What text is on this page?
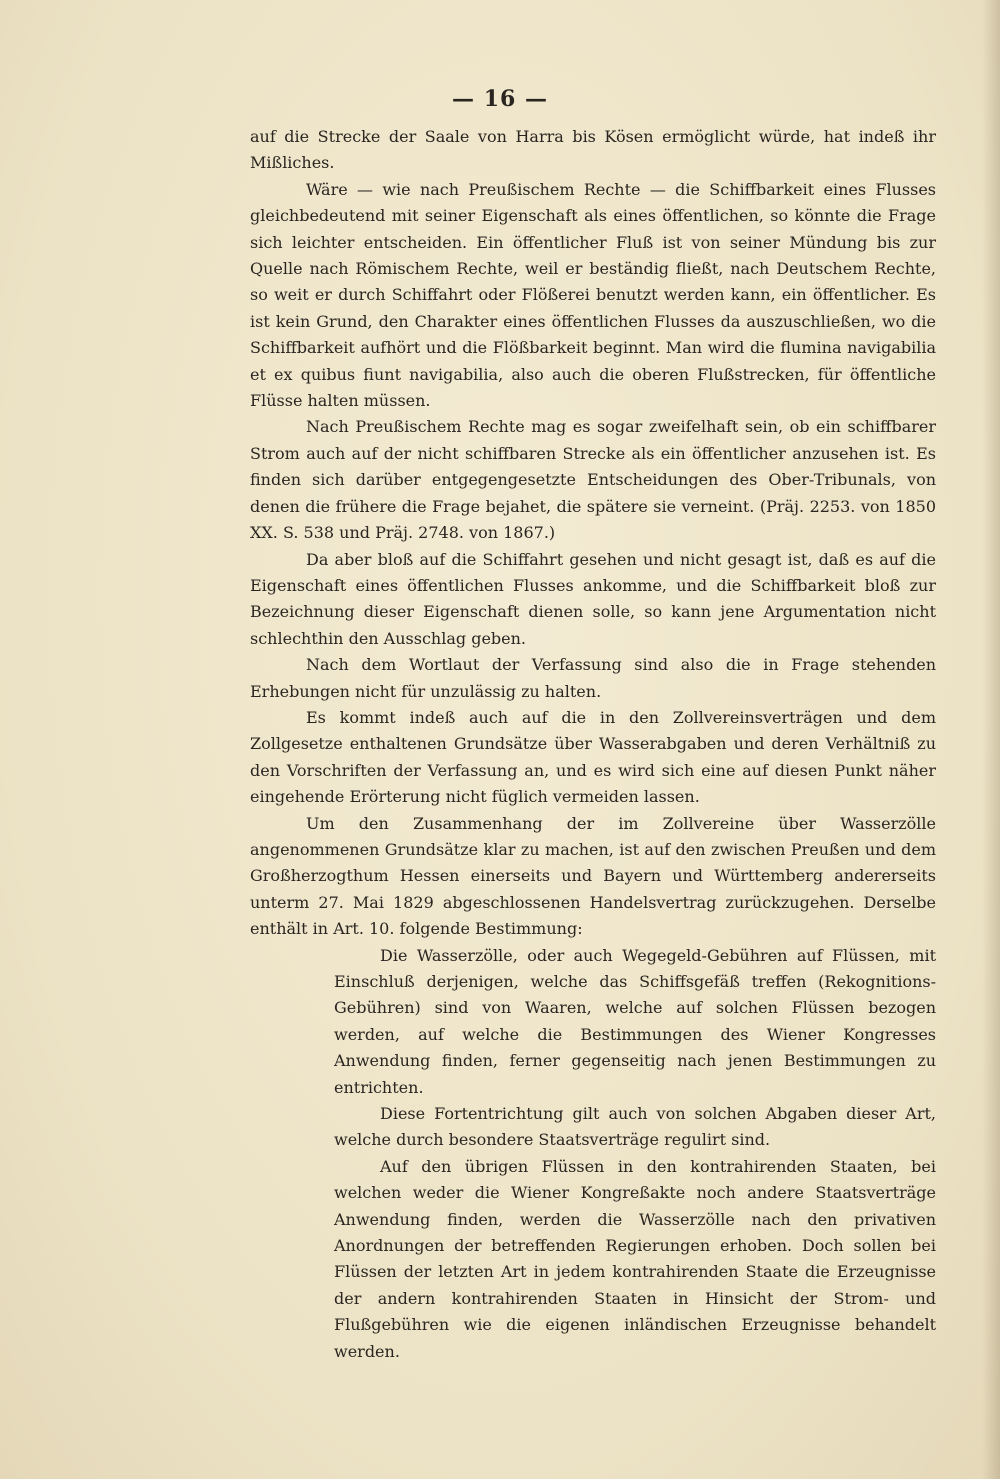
— 16 —

auf die Strecke der Saale von Harra bis Kösen ermöglicht würde, hat indeß ihr Mißliches.

Wäre — wie nach Preußischem Rechte — die Schiffbarkeit eines Flusses gleichbedeutend mit seiner Eigenschaft als eines öffentlichen, so könnte die Frage sich leichter entscheiden. Ein öffentlicher Fluß ist von seiner Mündung bis zur Quelle nach Römischem Rechte, weil er beständig fließt, nach Deutschem Rechte, so weit er durch Schiffahrt oder Flößerei benutzt werden kann, ein öffentlicher. Es ist kein Grund, den Charakter eines öffentlichen Flusses da auszuschließen, wo die Schiffbarkeit aufhört und die Flößbarkeit beginnt. Man wird die flumina navigabilia et ex quibus fiunt navigabilia, also auch die oberen Flußstrecken, für öffentliche Flüsse halten müssen.

Nach Preußischem Rechte mag es sogar zweifelhaft sein, ob ein schiffbarer Strom auch auf der nicht schiffbaren Strecke als ein öffentlicher anzusehen ist. Es finden sich darüber entgegengesetzte Entscheidungen des Ober-Tribunals, von denen die frühere die Frage bejahet, die spätere sie verneint. (Präj. 2253. von 1850 XX. S. 538 und Präj. 2748. von 1867.)

Da aber bloß auf die Schiffahrt gesehen und nicht gesagt ist, daß es auf die Eigenschaft eines öffentlichen Flusses ankomme, und die Schiffbarkeit bloß zur Bezeichnung dieser Eigenschaft dienen solle, so kann jene Argumentation nicht schlechthin den Ausschlag geben.

Nach dem Wortlaut der Verfassung sind also die in Frage stehenden Erhebungen nicht für unzulässig zu halten.

Es kommt indeß auch auf die in den Zollvereinsverträgen und dem Zollgesetze enthaltenen Grundsätze über Wasserabgaben und deren Verhältniß zu den Vorschriften der Verfassung an, und es wird sich eine auf diesen Punkt näher eingehende Erörterung nicht füglich vermeiden lassen.

Um den Zusammenhang der im Zollvereine über Wasserzölle angenommenen Grundsätze klar zu machen, ist auf den zwischen Preußen und dem Großherzogthum Hessen einerseits und Bayern und Württemberg andererseits unterm 27. Mai 1829 abgeschlossenen Handelsvertrag zurückzugehen. Derselbe enthält in Art. 10. folgende Bestimmung:

Die Wasserzölle, oder auch Wegegeld-Gebühren auf Flüssen, mit Einschluß derjenigen, welche das Schiffsgefäß treffen (Rekognitions-Gebühren) sind von Waaren, welche auf solchen Flüssen bezogen werden, auf welche die Bestimmungen des Wiener Kongresses Anwendung finden, ferner gegenseitig nach jenen Bestimmungen zu entrichten.

Diese Fortentrichtung gilt auch von solchen Abgaben dieser Art, welche durch besondere Staatsverträge regulirt sind.

Auf den übrigen Flüssen in den kontrahirenden Staaten, bei welchen weder die Wiener Kongreßakte noch andere Staatsverträge Anwendung finden, werden die Wasserzölle nach den privativen Anordnungen der betreffenden Regierungen erhoben. Doch sollen bei Flüssen der letzten Art in jedem kontrahirenden Staate die Erzeugnisse der andern kontrahirenden Staaten in Hinsicht der Strom- und Flußgebühren wie die eigenen inländischen Erzeugnisse behandelt werden.
